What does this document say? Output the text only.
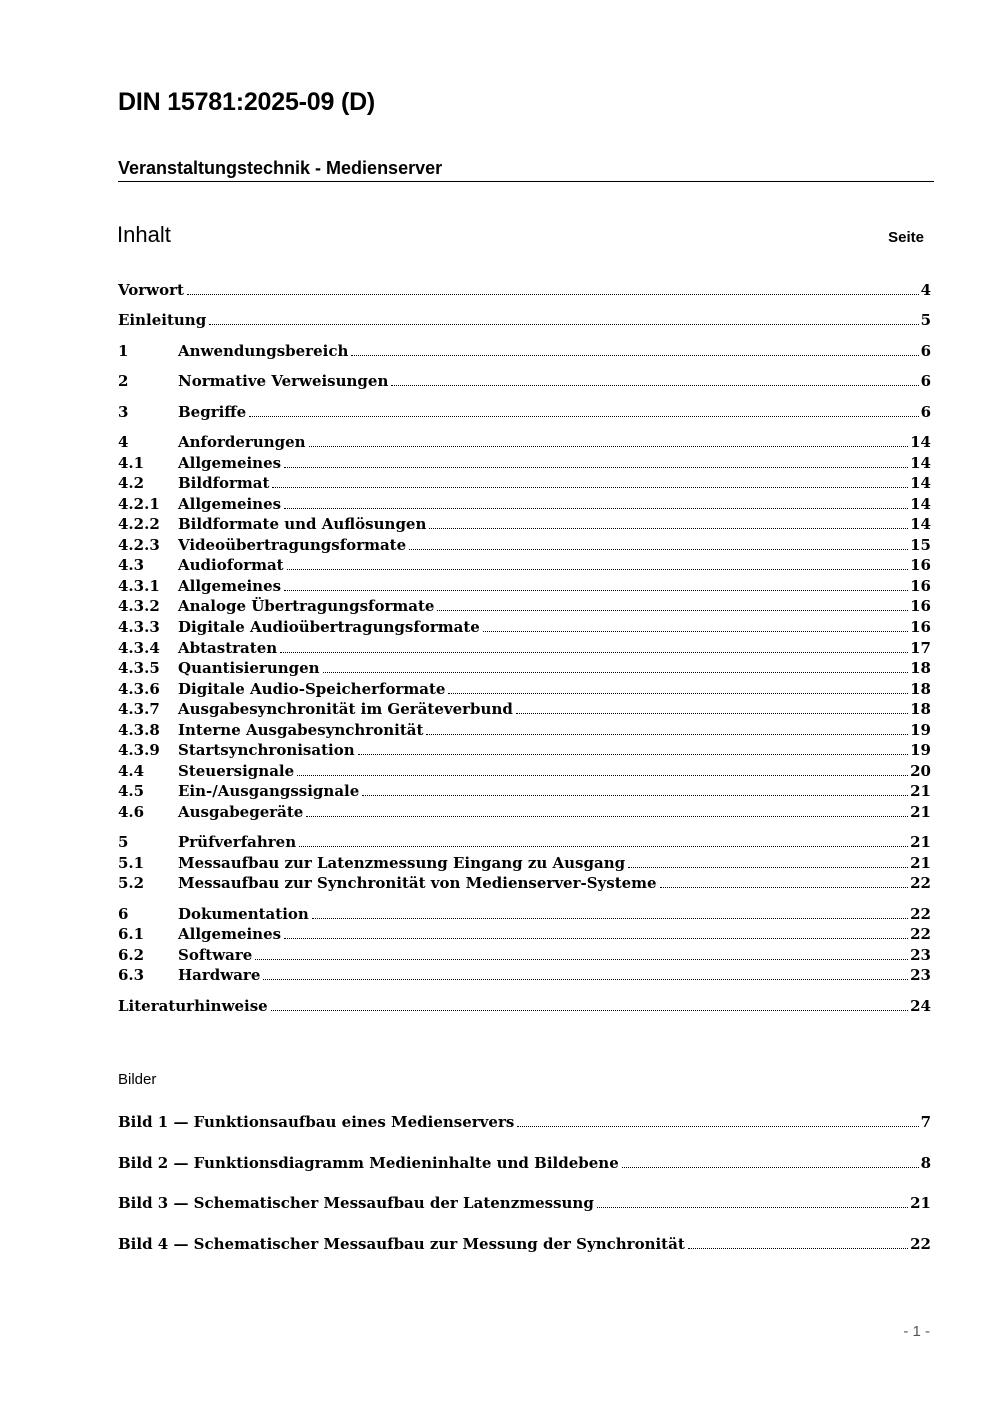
DIN 15781:2025-09 (D)
Veranstaltungstechnik - Medienserver
Inhalt	Seite
Vorwort	4
Einleitung	5
1	Anwendungsbereich	6
2	Normative Verweisungen	6
3	Begriffe	6
4	Anforderungen	14
4.1	Allgemeines	14
4.2	Bildformat	14
4.2.1	Allgemeines	14
4.2.2	Bildformate und Auflösungen	14
4.2.3	Videoübertragungsformate	15
4.3	Audioformat	16
4.3.1	Allgemeines	16
4.3.2	Analoge Übertragungsformate	16
4.3.3	Digitale Audioübertragungsformate	16
4.3.4	Abtastraten	17
4.3.5	Quantisierungen	18
4.3.6	Digitale Audio-Speicherformate	18
4.3.7	Ausgabesynchronität im Geräteverbund	18
4.3.8	Interne Ausgabesynchronität	19
4.3.9	Startsynchronisation	19
4.4	Steuersignale	20
4.5	Ein-/Ausgangssignale	21
4.6	Ausgabegeräte	21
5	Prüfverfahren	21
5.1	Messaufbau zur Latenzmessung Eingang zu Ausgang	21
5.2	Messaufbau zur Synchronität von Medienserver-Systeme	22
6	Dokumentation	22
6.1	Allgemeines	22
6.2	Software	23
6.3	Hardware	23
Literaturhinweise	24
Bilder
Bild 1 — Funktionsaufbau eines Medienservers	7
Bild 2 — Funktionsdiagramm Medieninhalte und Bildebene	8
Bild 3 — Schematischer Messaufbau der Latenzmessung	21
Bild 4 — Schematischer Messaufbau zur Messung der Synchronität	22
- 1 -
